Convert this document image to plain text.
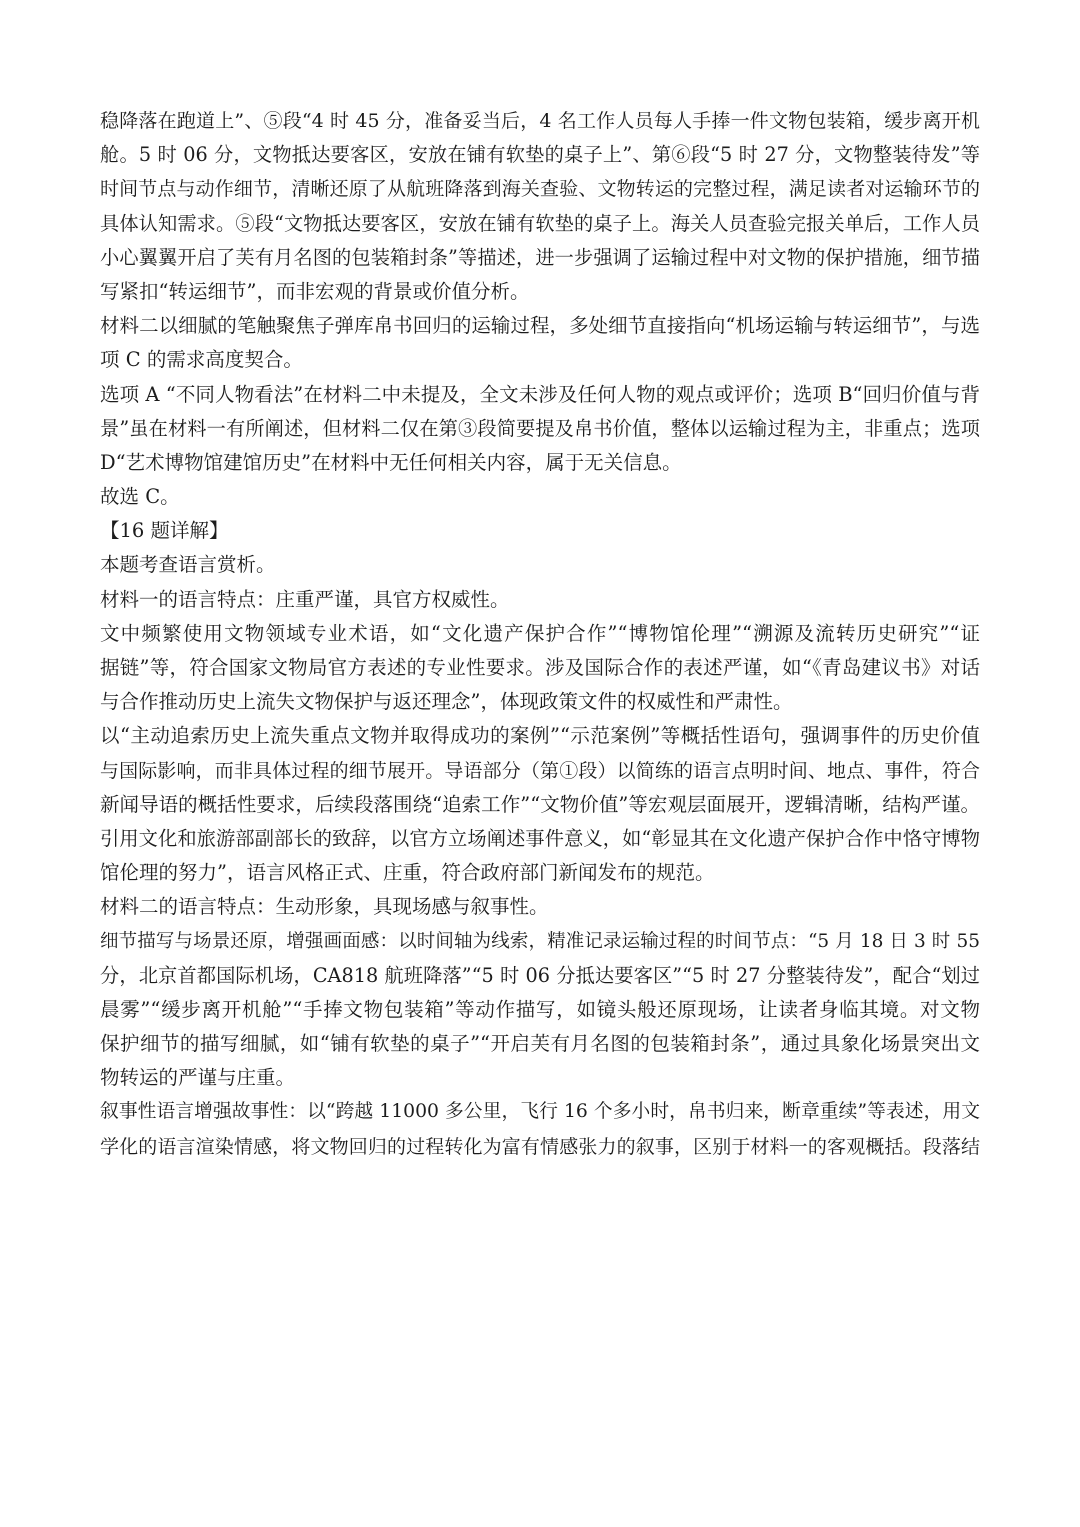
稳降落在跑道上”、⑤段“4 时 45 分，准备妥当后，4 名工作人员每人手捧一件文物包装箱，缓步离开机
舱。5 时 06 分，文物抵达要客区，安放在铺有软垫的桌子上”、第⑥段“5 时 27 分，文物整装待发”等
时间节点与动作细节，清晰还原了从航班降落到海关查验、文物转运的完整过程，满足读者对运输环节的
具体认知需求。⑤段“文物抵达要客区，安放在铺有软垫的桌子上。海关人员查验完报关单后，工作人员
小心翼翼开启了芙有月名图的包装箱封条”等描述，进一步强调了运输过程中对文物的保护措施，细节描
写紧扣“转运细节”，而非宏观的背景或价值分析。
材料二以细腻的笔触聚焦子弹库帛书回归的运输过程，多处细节直接指向“机场运输与转运细节”，与选
项 C 的需求高度契合。
选项 A “不同人物看法”在材料二中未提及，全文未涉及任何人物的观点或评价；选项 B“回归价值与背
景”虽在材料一有所阐述，但材料二仅在第③段简要提及帛书价值，整体以运输过程为主，非重点；选项
D“艺术博物馆建馆历史”在材料中无任何相关内容，属于无关信息。
故选 C。
【16 题详解】
本题考查语言赏析。
材料一的语言特点：庄重严谨，具官方权威性。
文中频繁使用文物领域专业术语，如“文化遗产保护合作”“博物馆伦理”“溯源及流转历史研究”“证
据链”等，符合国家文物局官方表述的专业性要求。涉及国际合作的表述严谨，如“《青岛建议书》对话
与合作推动历史上流失文物保护与返还理念”，体现政策文件的权威性和严肃性。
以“主动追索历史上流失重点文物并取得成功的案例”“示范案例”等概括性语句，强调事件的历史价值
与国际影响，而非具体过程的细节展开。导语部分（第①段）以简练的语言点明时间、地点、事件，符合
新闻导语的概括性要求，后续段落围绕“追索工作”“文物价值”等宏观层面展开，逻辑清晰，结构严谨。
引用文化和旅游部副部长的致辞，以官方立场阐述事件意义，如“彰显其在文化遗产保护合作中恪守博物
馆伦理的努力”，语言风格正式、庄重，符合政府部门新闻发布的规范。
材料二的语言特点：生动形象，具现场感与叙事性。
细节描写与场景还原，增强画面感：以时间轴为线索，精准记录运输过程的时间节点：“5 月 18 日 3 时 55
分，北京首都国际机场，CA818 航班降落”“5 时 06 分抵达要客区”“5 时 27 分整装待发”，配合“划过
晨雾”“缓步离开机舱”“手捧文物包装箱”等动作描写，如镜头般还原现场，让读者身临其境。对文物
保护细节的描写细腻，如“铺有软垫的桌子”“开启芙有月名图的包装箱封条”，通过具象化场景突出文
物转运的严谨与庄重。
叙事性语言增强故事性：以“跨越 11000 多公里，飞行 16 个多小时，帛书归来，断章重续”等表述，用文
学化的语言渲染情感，将文物回归的过程转化为富有情感张力的叙事，区别于材料一的客观概括。段落结
